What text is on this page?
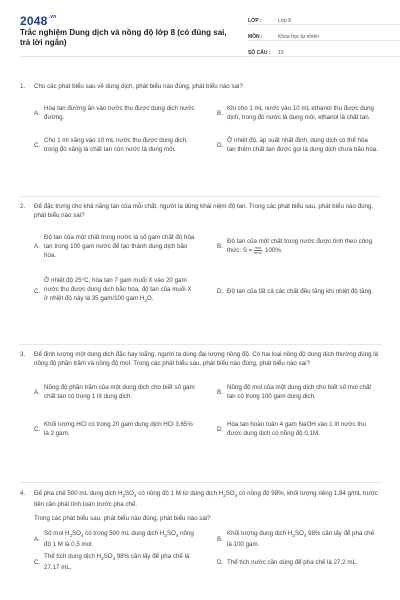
$2048^{.vn}$
Trắc nghiệm Dung dịch và nồng độ lớp 8 (có đúng sai, trả lời ngắn)
LỚP :	Lớp 8
MÔN :	Khoa học tự nhiên
SỐ CÂU :	10
1.	Cho các phát biểu sau về dung dịch, phát biểu nào đúng, phát biểu nào sai?

A.
Hòa tan đường ăn vào nước thu được dung dịch nước đường.
B.
Khi cho 1 mL nước vào 10 mL ethanol thu được dung dịch, trong đó nước là dung môi, ethanol là chất tan.
C.
Cho 1 ml xăng vào 10 mL nước thu được dung dịch, trong đó xăng là chất tan còn nước là dung môi.
D.
Ở nhiệt độ, áp suất nhất định, dung dịch có thể hòa tan thêm chất tan được gọi là dung dịch chưa bão hòa.
2.	Để đặc trưng cho khả năng tan của mỗi chất, người ta dùng khái niệm độ tan. Trong các phát biểu sau, phát biểu nào đúng, phát biểu nào sai?

A.
Độ tan của một chất trong nước là số gam chất đó hòa tan trong 100 gam nước để tạo thành dung dịch bão hòa.
B.
Độ tan của một chất trong nước được tính theo công thức: $S = \frac{\text{mct}}{\text{mnc}}$ . 100%.
C.
Ở nhiệt độ 25°C, hòa tan 7 gam muối X vào 20 gam nước thu được dung dịch bão hòa, độ tan của muối X ở nhiệt độ này là 35 gam/100 gam $H_2O$.
D. Độ tan của tất cả các chất đều tăng khi nhiệt độ tăng.
3.	Để định lượng một dung dịch đặc hay loãng, người ta dùng đại lượng nồng độ. Có hai loại nồng độ dung dịch thường dùng là nồng độ phần trăm và nồng độ mol. Trong các phát biểu sau, phát biểu nào đúng, phát biểu nào sai?

A.
Nồng độ phần trăm của một dung dịch cho biết số gam chất tan có trong 1 lít dung dịch.
B.
Nồng độ mol của một dung dịch cho biết số mol chất tan có trong 100 gam dung dịch.
C.
Khối lượng HCl có trong 20 gam dung dịch HCl 3,65% là 2 gam.
D.
Hòa tan hoàn toàn 4 gam NaOH vào 1 lít nước thu được dung dịch có nồng độ 0,1M.
4.	Để pha chế 500 mL dung dịch $H_2SO_4$ có nồng độ 1 M từ dung dịch $H_2SO_4$ có nồng độ 98%, khối lượng riêng 1,84 g/mL trước tiên cần phải tính toán trước pha chế.

Trong các phát biểu sau, phát biểu nào đúng, phát biểu nào sai?

A.
Số mol $H_2SO_4$ có trong 500 mL dung dịch $H_2SO_4$ nồng độ 1 M là 0,5 mol.
B.
Khối lượng dung dịch $H_2SO_4$ 98% cần lấy để pha chế là 100 gam.
C.
Thể tích dung dịch $H_2SO_4$ 98% cần lấy để pha chế là 27,17 mL.
D. Thể tích nước cần dùng để pha chế là 27,2 mL.
